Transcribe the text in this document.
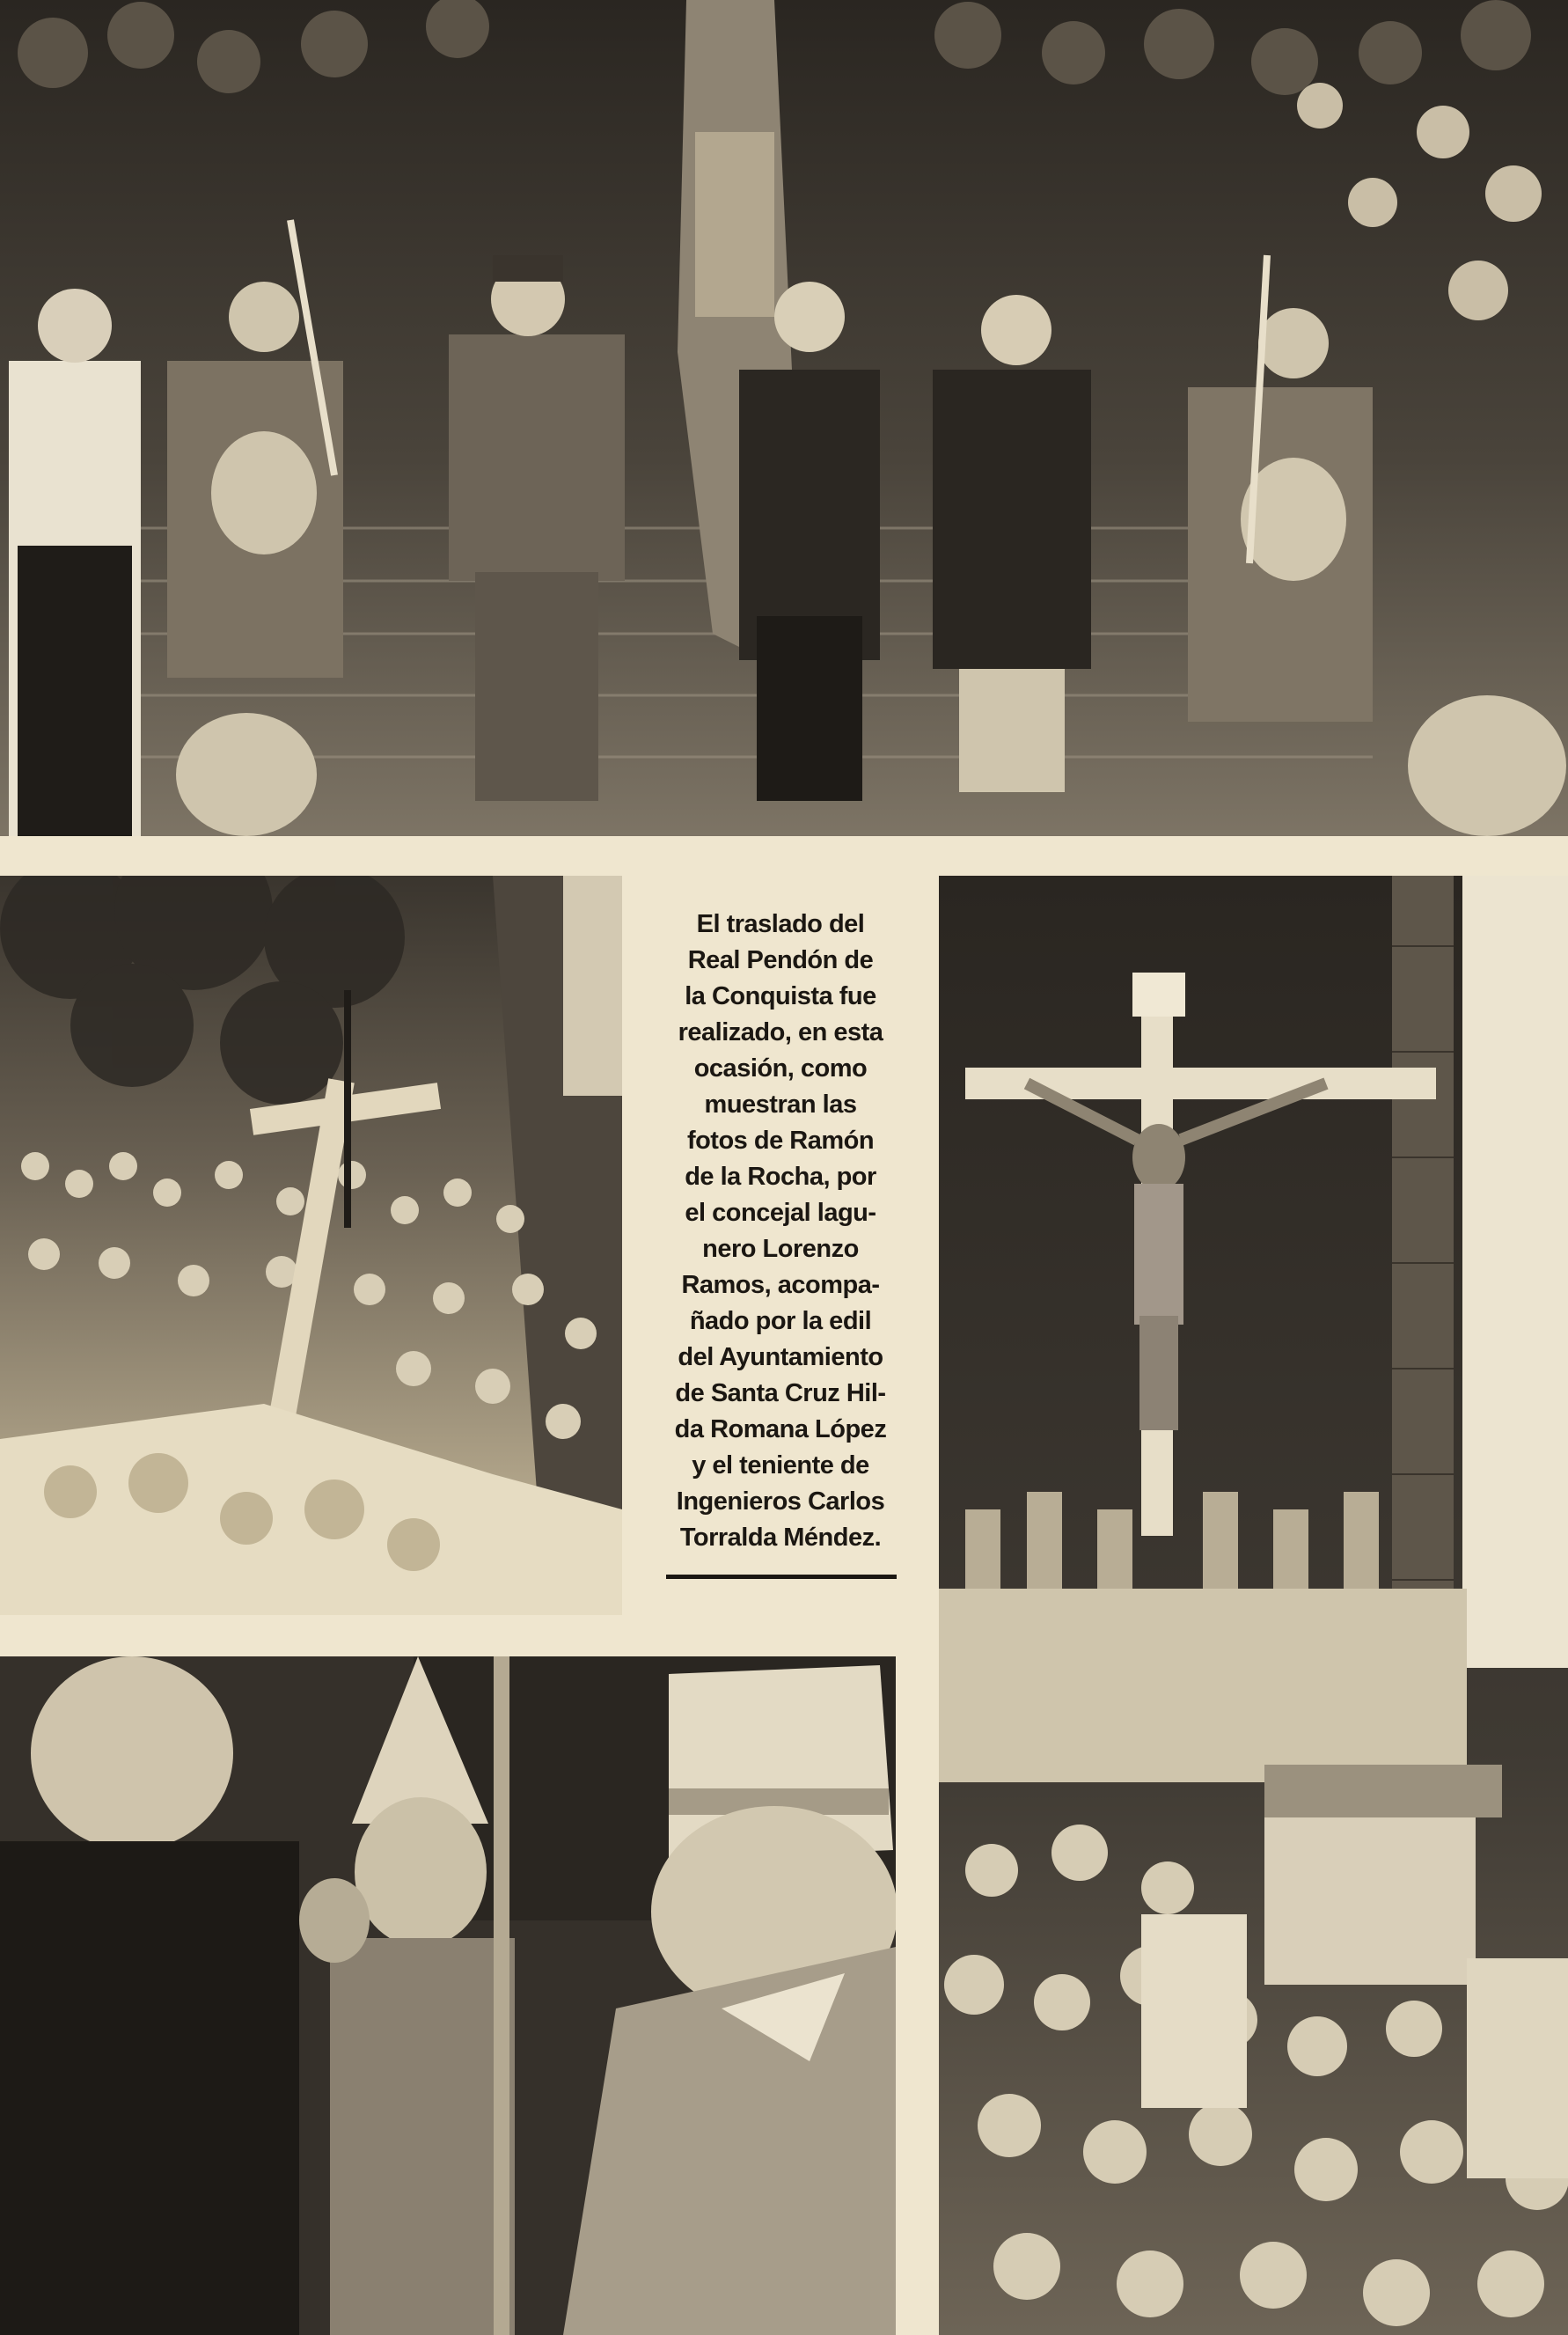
El traslado del
Real Pendón de
la Conquista fue
realizado, en esta
ocasión, como
muestran las
fotos de Ramón
de la Rocha, por
el concejal lagu-
nero Lorenzo
Ramos, acompa-
ñado por la edil
del Ayuntamiento
de Santa Cruz Hil-
da Romana López
y el teniente de
Ingenieros Carlos
Torralda Méndez.
